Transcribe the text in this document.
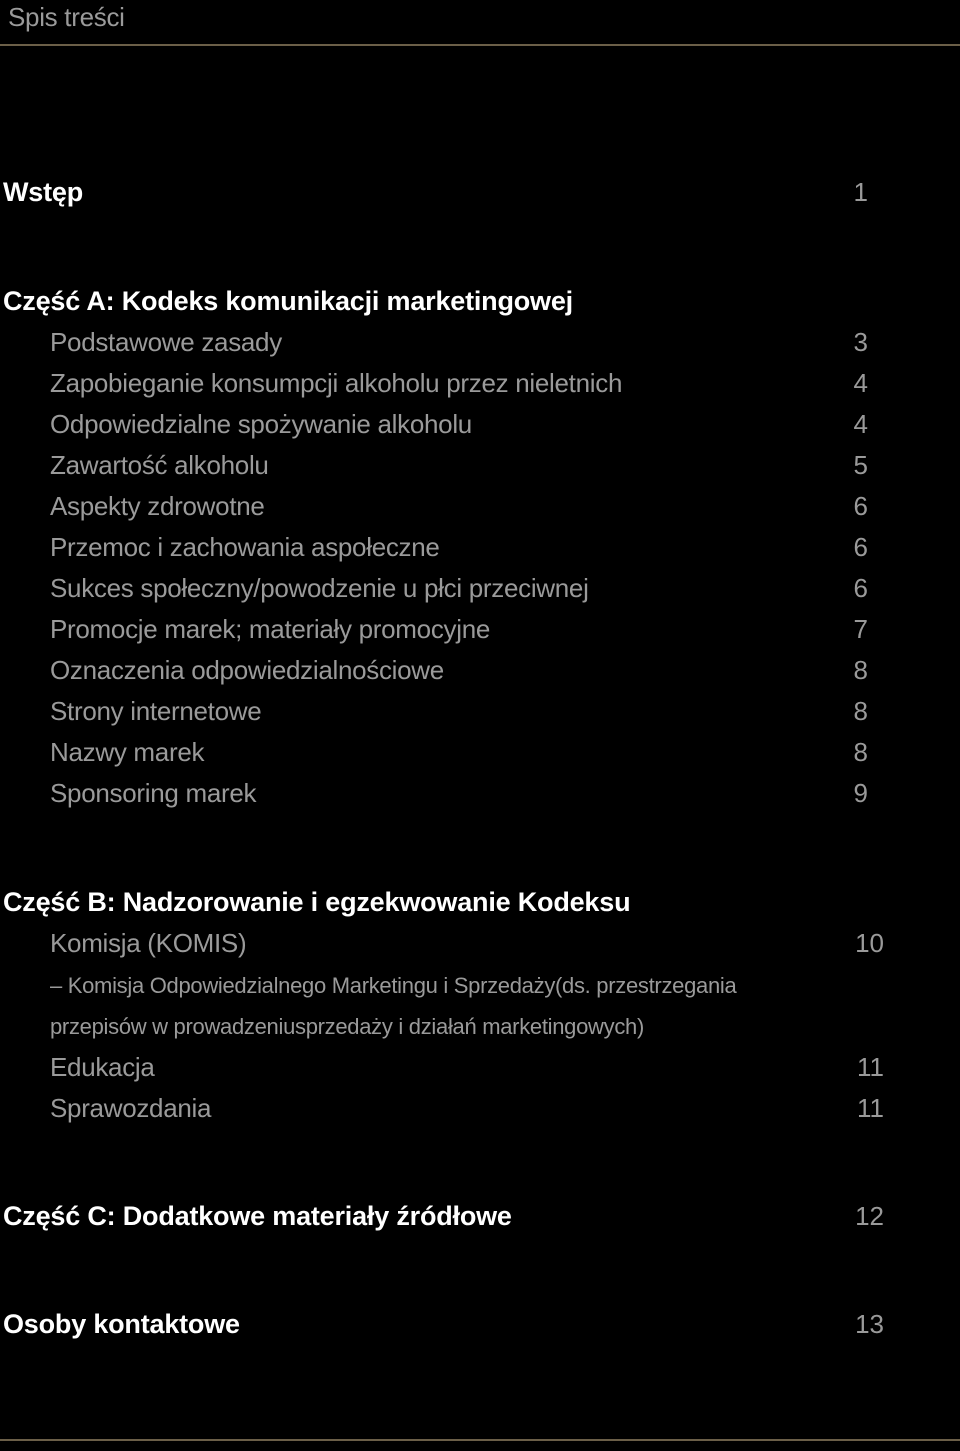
Spis treści
Wstęp	1
Część A: Kodeks komunikacji marketingowej
Podstawowe zasady	3
Zapobieganie konsumpcji alkoholu przez nieletnich	4
Odpowiedzialne spożywanie alkoholu	4
Zawartość alkoholu	5
Aspekty zdrowotne	6
Przemoc i zachowania aspołeczne	6
Sukces społeczny/powodzenie u płci przeciwnej	6
Promocje marek; materiały promocyjne	7
Oznaczenia odpowiedzialnościowe	8
Strony internetowe	8
Nazwy marek	8
Sponsoring marek	9
Część B: Nadzorowanie i egzekwowanie Kodeksu
Komisja (KOMIS)	10
– Komisja Odpowiedzialnego Marketingu i Sprzedaży(ds. przestrzegania
przepisów w prowadzeniusprzedaży i działań marketingowych)
Edukacja	11
Sprawozdania	11
Część C: Dodatkowe materiały źródłowe	12
Osoby kontaktowe	13
